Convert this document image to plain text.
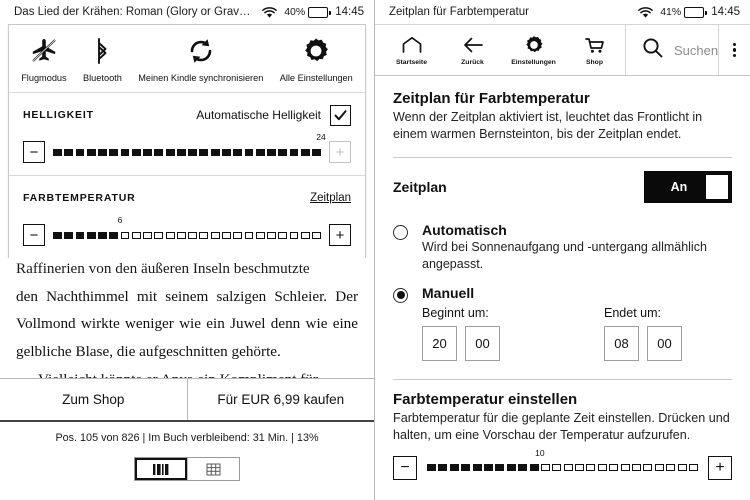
Das Lied der Krähen: Roman (Glory or Grav…	40%	14:45
Flugmodus Bluetooth Meinen Kindle synchronisieren Alle Einstellungen
HELLIGKEIT	Automatische Helligkeit
−
24
+
FARBTEMPERATUR	Zeitplan
−
6
+

Raffinerien von den äußeren Inseln beschmutzte

den Nachthimmel mit seinem salzigen Schleier. Der Vollmond wirkte weniger wie ein Juwel denn wie eine gelbliche Blase, die aufgeschnitten gehörte.

Zum Shop	Für EUR 6,99 kaufen
Pos. 105 von 826 | Im Buch verbleibend: 31 Min. | 13%
Zeitplan für Farbtemperatur	41%	14:45
Startseite	Zurück	Einstellungen	Shop
Suchen
Zeitplan für Farbtemperatur
Wenn der Zeitplan aktiviert ist, leuchtet das Frontlicht in einem warmen Bernsteinton, bis der Zeitplan endet.
Zeitplan	An
Automatisch
Wird bei Sonnenaufgang und -untergang allmählich angepasst.
Manuell
Beginnt um:
20	00
Endet um:
08	00
Farbtemperatur einstellen
Farbtemperatur für die geplante Zeit einstellen. Drücken und halten, um eine Vorschau der Temperatur aufzurufen.
−
10
+
